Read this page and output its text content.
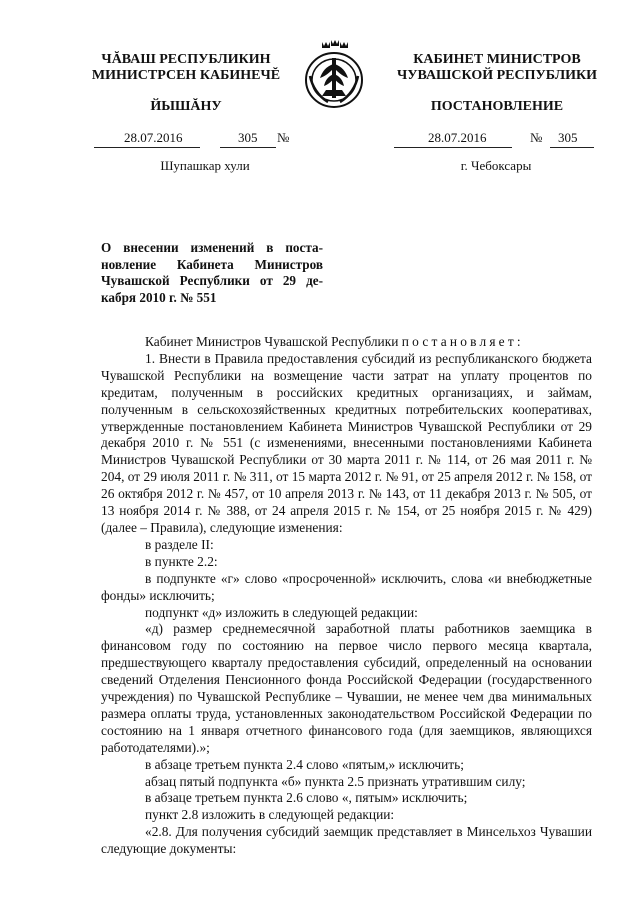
ЧĂВАШ РЕСПУБЛИКИН
МИНИСТРСЕН КАБИНЕЧĔ
ЙЫШĂНУ
КАБИНЕТ МИНИСТРОВ
ЧУВАШСКОЙ РЕСПУБЛИКИ
ПОСТАНОВЛЕНИЕ
28.07.2016	305 №	28.07.2016	№ 305
Шупашкар хули	г. Чебоксары
О внесении изменений в поста-
новление Кабинета Министров
Чувашской Республики от 29 де-
кабря 2010 г. № 551

Кабинет Министров Чувашской Республики постановляет:

1. Внести в Правила предоставления субсидий из республиканского бюджета Чувашской Республики на возмещение части затрат на уплату процентов по кредитам, полученным в российских кредитных организациях, и займам, полученным в сельскохозяйственных кредитных потребительских кооперативах, утвержденные постановлением Кабинета Министров Чувашской Республики от 29 декабря 2010 г. № 551 (с изменениями, внесенными постановлениями Кабинета Министров Чувашской Республики от 30 марта 2011 г. № 114, от 26 мая 2011 г. № 204, от 29 июля 2011 г. № 311, от 15 марта 2012 г. № 91, от 25 апреля 2012 г. № 158, от 26 октября 2012 г. № 457, от 10 апреля 2013 г. № 143, от 11 декабря 2013 г. № 505, от 13 ноября 2014 г. № 388, от 24 апреля 2015 г. № 154, от 25 ноября 2015 г. № 429) (далее – Правила), следующие изменения:

в разделе II:

в пункте 2.2:

в подпункте «г» слово «просроченной» исключить, слова «и внебюджетные фонды» исключить;

подпункт «д» изложить в следующей редакции:

«д) размер среднемесячной заработной платы работников заемщика в финансовом году по состоянию на первое число первого месяца квартала, предшествующего кварталу предоставления субсидий, определенный на основании сведений Отделения Пенсионного фонда Российской Федерации (государственного учреждения) по Чувашской Республике – Чувашии, не менее чем два минимальных размера оплаты труда, установленных законодательством Российской Федерации по состоянию на 1 января отчетного финансового года (для заемщиков, являющихся работодателями).»;

в абзаце третьем пункта 2.4 слово «пятым,» исключить;

абзац пятый подпункта «б» пункта 2.5 признать утратившим силу;

в абзаце третьем пункта 2.6 слово «, пятым» исключить;

пункт 2.8 изложить в следующей редакции:

«2.8. Для получения субсидий заемщик представляет в Минсельхоз Чувашии следующие документы:
